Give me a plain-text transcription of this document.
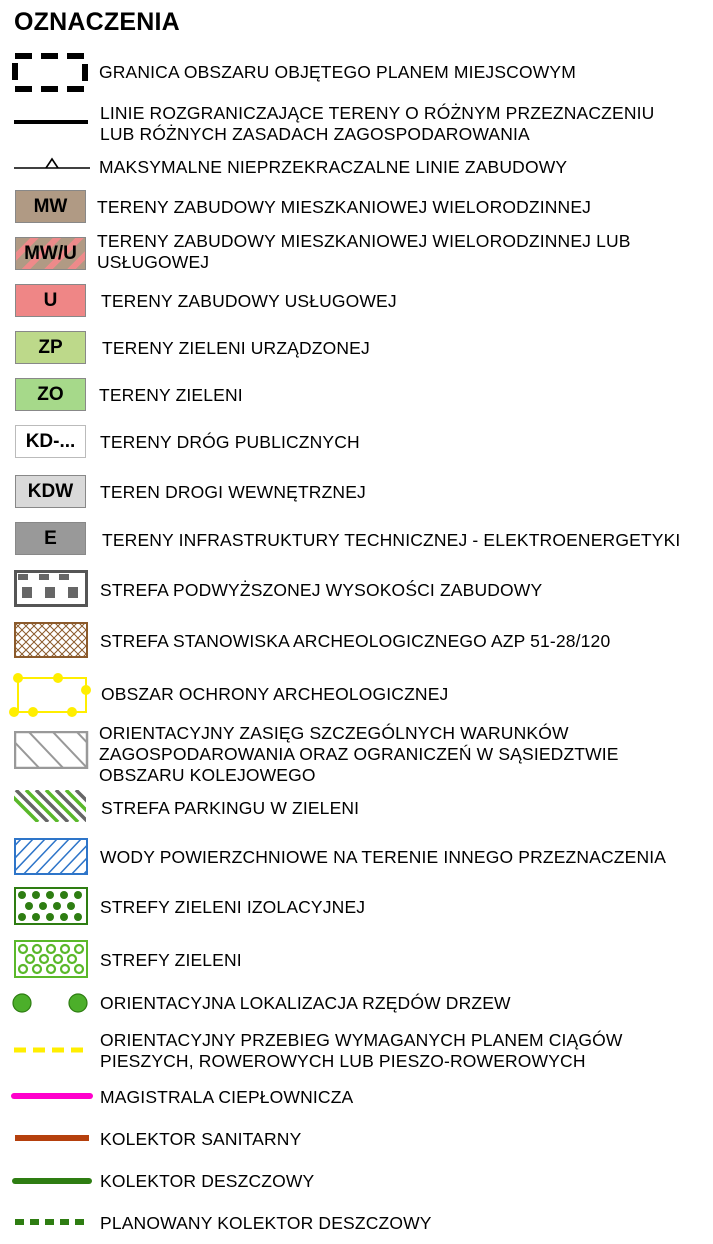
OZNACZENIA
GRANICA OBSZARU OBJĘTEGO PLANEM MIEJSCOWYM
LINIE ROZGRANICZAJĄCE TERENY O RÓŻNYM PRZEZNACZENIU
LUB RÓŻNYCH ZASADACH ZAGOSPODAROWANIA
MAKSYMALNE NIEPRZEKRACZALNE LINIE ZABUDOWY
MW TERENY ZABUDOWY MIESZKANIOWEJ WIELORODZINNEJ
MW/U
TERENY ZABUDOWY MIESZKANIOWEJ WIELORODZINNEJ LUB
USŁUGOWEJ
U TERENY ZABUDOWY USŁUGOWEJ
ZP TERENY ZIELENI URZĄDZONEJ
ZO TERENY ZIELENI
KD-... TERENY DRÓG PUBLICZNYCH
KDW TEREN DROGI WEWNĘTRZNEJ
E	TERENY INFRASTRUKTURY TECHNICZNEJ - ELEKTROENERGETYKI
STREFA PODWYŻSZONEJ WYSOKOŚCI ZABUDOWY
STREFA STANOWISKA ARCHEOLOGICZNEGO AZP 51-28/120
OBSZAR OCHRONY ARCHEOLOGICZNEJ
ORIENTACYJNY ZASIĘG SZCZEGÓLNYCH WARUNKÓW
ZAGOSPODAROWANIA ORAZ OGRANICZEŃ W SĄSIEDZTWIE
OBSZARU KOLEJOWEGO
STREFA PARKINGU W ZIELENI
WODY POWIERZCHNIOWE NA TERENIE INNEGO PRZEZNACZENIA
STREFY ZIELENI IZOLACYJNEJ
STREFY ZIELENI
ORIENTACYJNA LOKALIZACJA RZĘDÓW DRZEW
ORIENTACYJNY PRZEBIEG WYMAGANYCH PLANEM CIĄGÓW
PIESZYCH, ROWEROWYCH LUB PIESZO-ROWEROWYCH
MAGISTRALA CIEPŁOWNICZA
KOLEKTOR SANITARNY
KOLEKTOR DESZCZOWY
PLANOWANY KOLEKTOR DESZCZOWY
